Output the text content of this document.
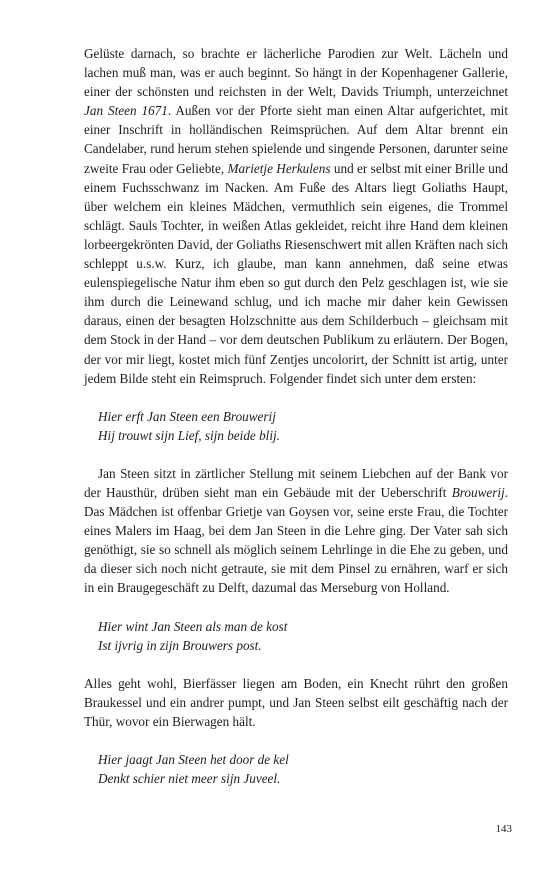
Gelüste darnach, so brachte er lächerliche Parodien zur Welt. Lächeln und lachen muß man, was er auch beginnt. So hängt in der Kopenhagener Gallerie, einer der schönsten und reichsten in der Welt, Davids Triumph, unterzeichnet Jan Steen 1671. Außen vor der Pforte sieht man einen Altar aufgerichtet, mit einer Inschrift in holländischen Reimsprüchen. Auf dem Altar brennt ein Candelaber, rund herum stehen spielende und singende Personen, darunter seine zweite Frau oder Geliebte, Marietje Herkulens und er selbst mit einer Brille und einem Fuchsschwanz im Nacken. Am Fuße des Altars liegt Goliaths Haupt, über welchem ein kleines Mädchen, vermuthlich sein eigenes, die Trommel schlägt. Sauls Tochter, in weißen Atlas gekleidet, reicht ihre Hand dem kleinen lorbeergekrönten David, der Goliaths Riesenschwert mit allen Kräften nach sich schleppt u.s.w. Kurz, ich glaube, man kann annehmen, daß seine etwas eulenspiegelische Natur ihm eben so gut durch den Pelz geschlagen ist, wie sie ihm durch die Leinewand schlug, und ich mache mir daher kein Gewissen daraus, einen der besagten Holzschnitte aus dem Schilderbuch – gleichsam mit dem Stock in der Hand – vor dem deutschen Publikum zu erläutern. Der Bogen, der vor mir liegt, kostet mich fünf Zentjes uncolorirt, der Schnitt ist artig, unter jedem Bilde steht ein Reimspruch. Folgender findet sich unter dem ersten:

Hier erft Jan Steen een Brouwerij
Hij trouwt sijn Lief, sijn beide blij.

Jan Steen sitzt in zärtlicher Stellung mit seinem Liebchen auf der Bank vor der Hausthür, drüben sieht man ein Gebäude mit der Ueberschrift Brouwerij. Das Mädchen ist offenbar Grietje van Goysen vor, seine erste Frau, die Tochter eines Malers im Haag, bei dem Jan Steen in die Lehre ging. Der Vater sah sich genöthigt, sie so schnell als möglich seinem Lehrlinge in die Ehe zu geben, und da dieser sich noch nicht getraute, sie mit dem Pinsel zu ernähren, warf er sich in ein Braugegeschäft zu Delft, dazumal das Merseburg von Holland.

Hier wint Jan Steen als man de kost
Ist ijvrig in zijn Brouwers post.

Alles geht wohl, Bierfässer liegen am Boden, ein Knecht rührt den großen Braukessel und ein andrer pumpt, und Jan Steen selbst eilt geschäftig nach der Thür, wovor ein Bierwagen hält.

Hier jaagt Jan Steen het door de kel
Denkt schier niet meer sijn Juveel.
143
